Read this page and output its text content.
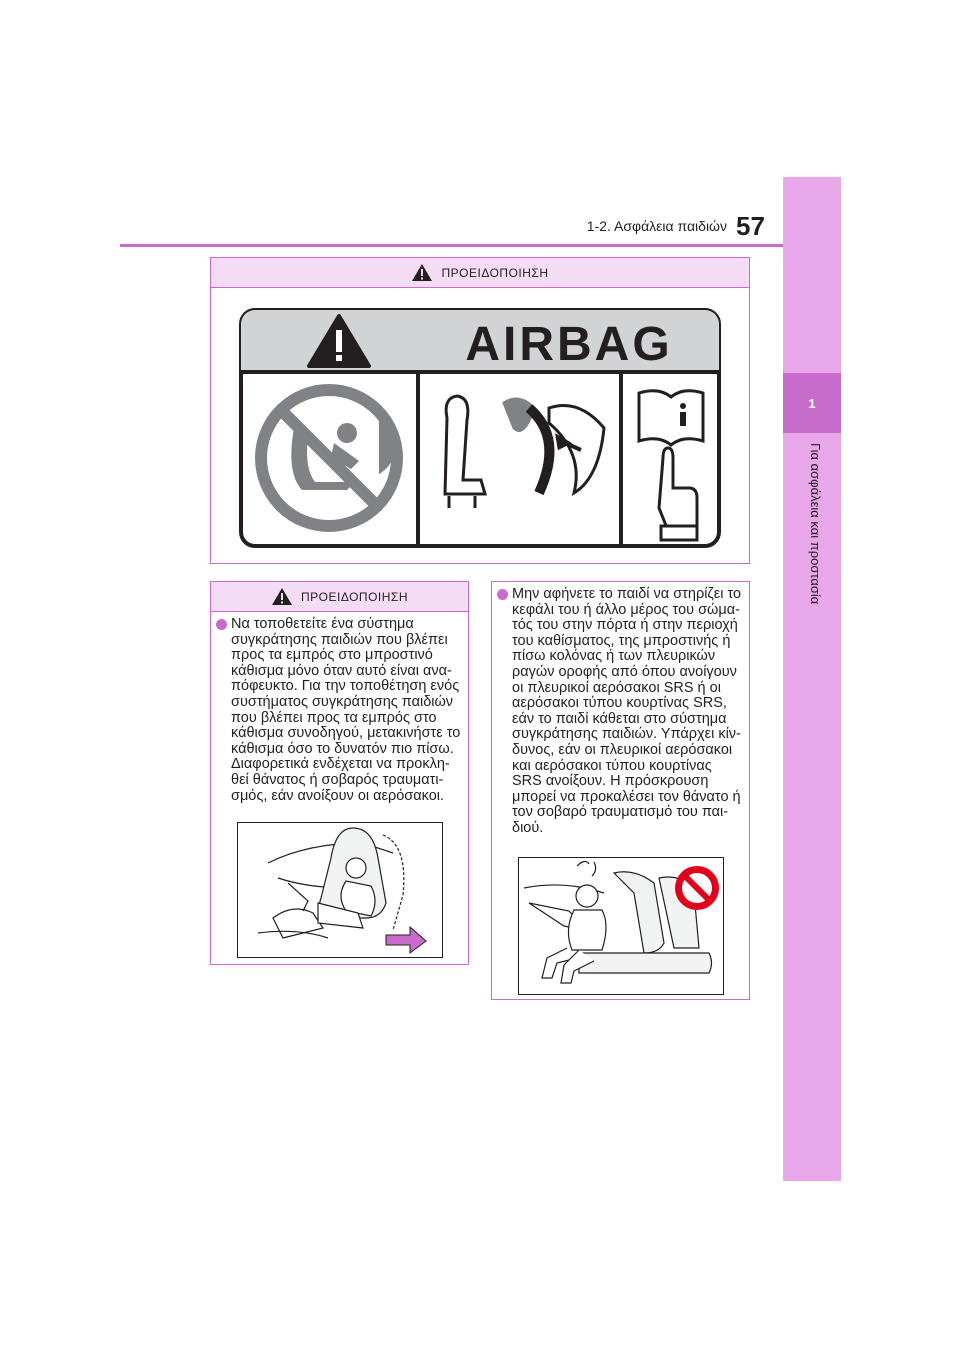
1
Για ασφάλεια και προστασία
1-2. Ασφάλεια παιδιών 57
ΠΡΟΕΙΔΟΠΟΙΗΣΗ
AIRBAG
ΠΡΟΕΙΔΟΠΟΙΗΣΗ
Να τοποθετείτε ένα σύστημα
συγκράτησης παιδιών που βλέπει
προς τα εμπρός στο μπροστινό
κάθισμα μόνο όταν αυτό είναι ανα-
πόφευκτο. Για την τοποθέτηση ενός
συστήματος συγκράτησης παιδιών
που βλέπει προς τα εμπρός στο
κάθισμα συνοδηγού, μετακινήστε το
κάθισμα όσο το δυνατόν πιο πίσω.
Διαφορετικά ενδέχεται να προκλη-
θεί θάνατος ή σοβαρός τραυματι-
σμός, εάν ανοίξουν οι αερόσακοι.
Μην αφήνετε το παιδί να στηρίζει το
κεφάλι του ή άλλο μέρος του σώμα-
τός του στην πόρτα ή στην περιοχή
του καθίσματος, της μπροστινής ή
πίσω κολόνας ή των πλευρικών
ραγών οροφής από όπου ανοίγουν
οι πλευρικοί αερόσακοι SRS ή οι
αερόσακοι τύπου κουρτίνας SRS,
εάν το παιδί κάθεται στο σύστημα
συγκράτησης παιδιών. Υπάρχει κίν-
δυνος, εάν οι πλευρικοί αερόσακοι
και αερόσακοι τύπου κουρτίνας
SRS ανοίξουν. Η πρόσκρουση
μπορεί να προκαλέσει τον θάνατο ή
τον σοβαρό τραυματισμό του παι-
διού.
